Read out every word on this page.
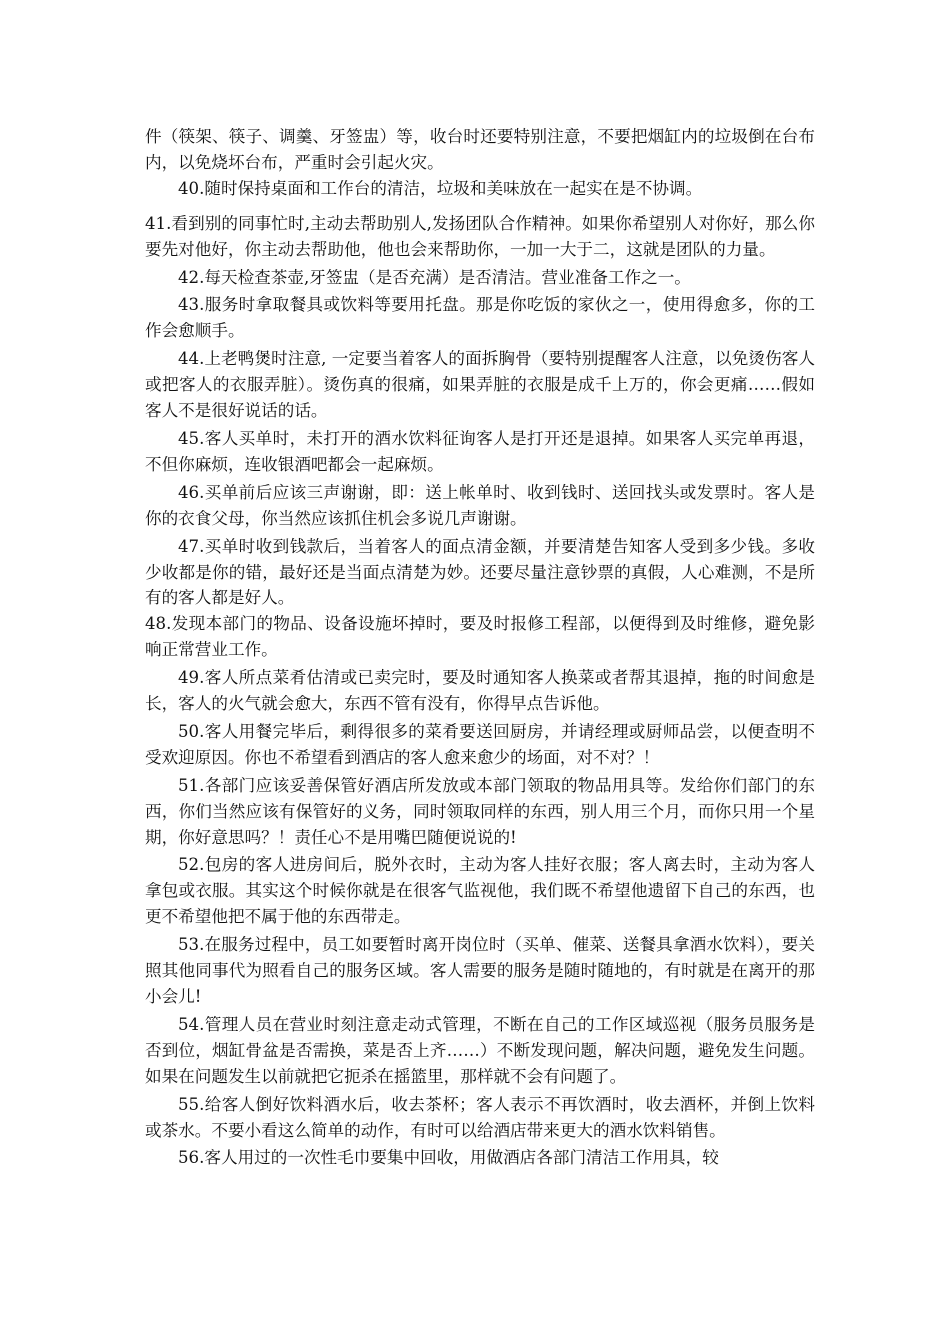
件（筷架、筷子、调羹、牙签盅）等，收台时还要特别注意，不要把烟缸内的垃圾倒在台布内，以免烧坏台布，严重时会引起火灾。

40.随时保持桌面和工作台的清洁，垃圾和美味放在一起实在是不协调。

41.看到别的同事忙时,主动去帮助别人,发扬团队合作精神。如果你希望别人对你好，那么你要先对他好，你主动去帮助他，他也会来帮助你，一加一大于二，这就是团队的力量。

42.每天检查茶壶,牙签盅（是否充满）是否清洁。营业准备工作之一。

43.服务时拿取餐具或饮料等要用托盘。那是你吃饭的家伙之一，使用得愈多，你的工作会愈顺手。

44.上老鸭煲时注意, 一定要当着客人的面拆胸骨（要特别提醒客人注意，以免烫伤客人或把客人的衣服弄脏）。烫伤真的很痛，如果弄脏的衣服是成千上万的，你会更痛……假如客人不是很好说话的话。

45.客人买单时，未打开的酒水饮料征询客人是打开还是退掉。如果客人买完单再退，不但你麻烦，连收银酒吧都会一起麻烦。

46.买单前后应该三声谢谢，即：送上帐单时、收到钱时、送回找头或发票时。客人是你的衣食父母，你当然应该抓住机会多说几声谢谢。

47.买单时收到钱款后，当着客人的面点清金额，并要清楚告知客人受到多少钱。多收少收都是你的错，最好还是当面点清楚为妙。还要尽量注意钞票的真假，人心难测，不是所有的客人都是好人。

48.发现本部门的物品、设备设施坏掉时，要及时报修工程部，以便得到及时维修，避免影响正常营业工作。

49.客人所点菜肴估清或已卖完时，要及时通知客人换菜或者帮其退掉，拖的时间愈是长，客人的火气就会愈大，东西不管有没有，你得早点告诉他。

50.客人用餐完毕后，剩得很多的菜肴要送回厨房，并请经理或厨师品尝，以便查明不受欢迎原因。你也不希望看到酒店的客人愈来愈少的场面，对不对？！

51.各部门应该妥善保管好酒店所发放或本部门领取的物品用具等。发给你们部门的东西，你们当然应该有保管好的义务，同时领取同样的东西，别人用三个月，而你只用一个星期，你好意思吗？！责任心不是用嘴巴随便说说的!

52.包房的客人进房间后，脱外衣时，主动为客人挂好衣服；客人离去时，主动为客人拿包或衣服。其实这个时候你就是在很客气监视他，我们既不希望他遗留下自己的东西，也更不希望他把不属于他的东西带走。

53.在服务过程中，员工如要暂时离开岗位时（买单、催菜、送餐具拿酒水饮料），要关照其他同事代为照看自己的服务区域。客人需要的服务是随时随地的，有时就是在离开的那小会儿!

54.管理人员在营业时刻注意走动式管理，不断在自己的工作区域巡视（服务员服务是否到位，烟缸骨盆是否需换，菜是否上齐……）不断发现问题，解决问题，避免发生问题。如果在问题发生以前就把它扼杀在摇篮里，那样就不会有问题了。

55.给客人倒好饮料酒水后，收去茶杯；客人表示不再饮酒时，收去酒杯，并倒上饮料或茶水。不要小看这么简单的动作，有时可以给酒店带来更大的酒水饮料销售。

56.客人用过的一次性毛巾要集中回收，用做酒店各部门清洁工作用具，较
